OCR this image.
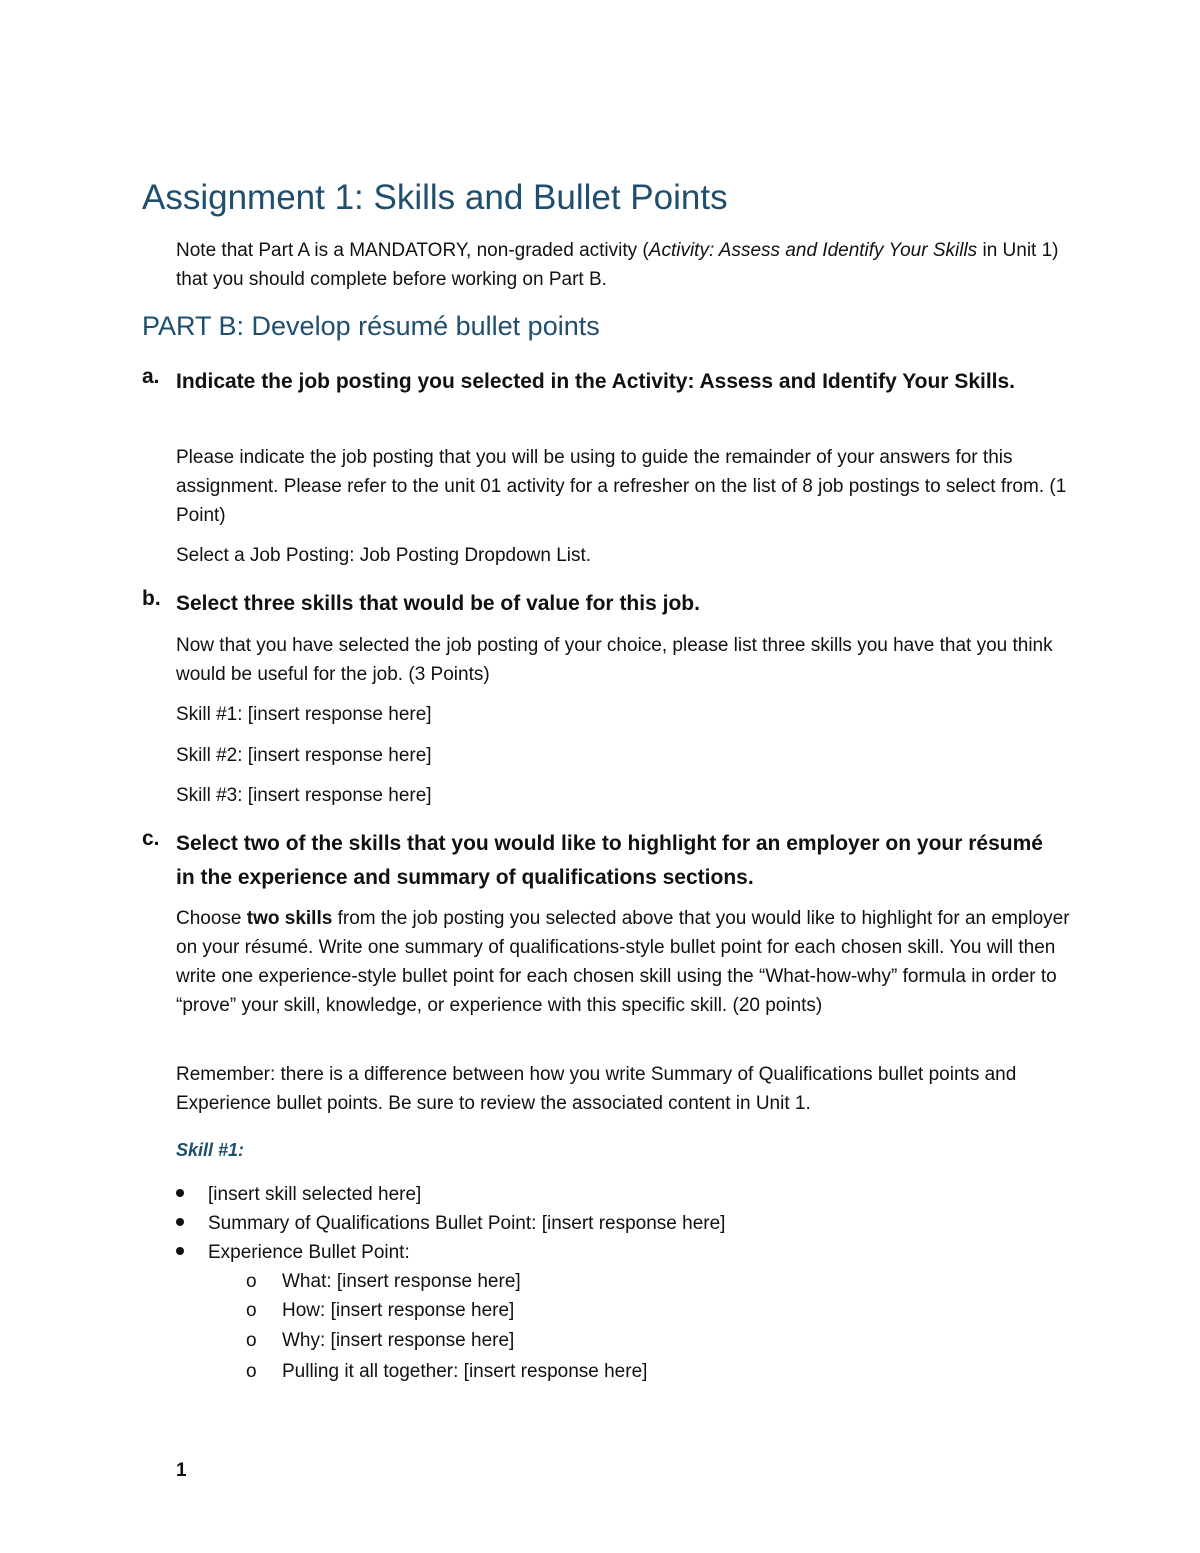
Assignment 1: Skills and Bullet Points

Note that Part A is a MANDATORY, non-graded activity (Activity: Assess and Identify Your Skills in Unit 1) that you should complete before working on Part B.

PART B: Develop résumé bullet points
a. Indicate the job posting you selected in the Activity: Assess and Identify Your Skills.

Please indicate the job posting that you will be using to guide the remainder of your answers for this assignment. Please refer to the unit 01 activity for a refresher on the list of 8 job postings to select from. (1 Point)

Select a Job Posting: Job Posting Dropdown List.

b. Select three skills that would be of value for this job.

Now that you have selected the job posting of your choice, please list three skills you have that you think would be useful for the job. (3 Points)

Skill #1: [insert response here]

Skill #2: [insert response here]

Skill #3: [insert response here]

c. Select two of the skills that you would like to highlight for an employer on your résumé in the experience and summary of qualifications sections.

Choose two skills from the job posting you selected above that you would like to highlight for an employer on your résumé. Write one summary of qualifications-style bullet point for each chosen skill. You will then write one experience-style bullet point for each chosen skill using the “What-how-why” formula in order to “prove” your skill, knowledge, or experience with this specific skill. (20 points)

Remember: there is a difference between how you write Summary of Qualifications bullet points and Experience bullet points. Be sure to review the associated content in Unit 1.

Skill #1:
[insert skill selected here]
Summary of Qualifications Bullet Point: [insert response here]
Experience Bullet Point:
o What: [insert response here]
o How: [insert response here]
o Why: [insert response here]
o Pulling it all together: [insert response here]
1
